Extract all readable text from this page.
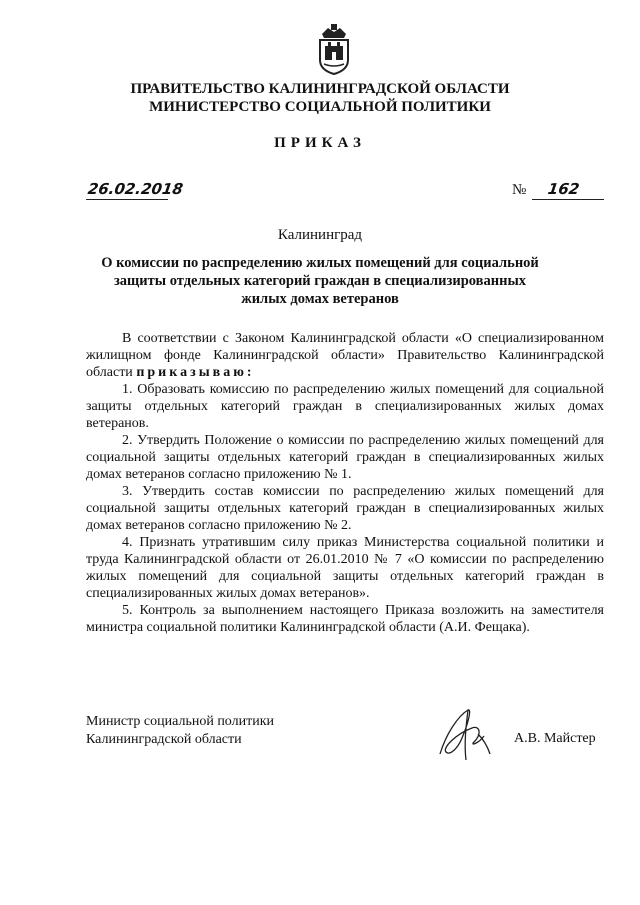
ПРАВИТЕЛЬСТВО КАЛИНИНГРАДСКОЙ ОБЛАСТИ
МИНИСТЕРСТВО СОЦИАЛЬНОЙ ПОЛИТИКИ
ПРИКАЗ
26.02.2018	№ 162
Калининград
О комиссии по распределению жилых помещений для социальной защиты отдельных категорий граждан в специализированных жилых домах ветеранов

В соответствии с Законом Калининградской области «О специализированном жилищном фонде Калининградской области» Правительство Калининградской области приказываю:

1. Образовать комиссию по распределению жилых помещений для социальной защиты отдельных категорий граждан в специализированных жилых домах ветеранов.

2. Утвердить Положение о комиссии по распределению жилых помещений для социальной защиты отдельных категорий граждан в специализированных жилых домах ветеранов согласно приложению № 1.

3. Утвердить состав комиссии по распределению жилых помещений для социальной защиты отдельных категорий граждан в специализированных жилых домах ветеранов согласно приложению № 2.

4. Признать утратившим силу приказ Министерства социальной политики и труда Калининградской области от 26.01.2010 № 7 «О комиссии по распределению жилых помещений для социальной защиты отдельных категорий граждан в специализированных жилых домах ветеранов».

5. Контроль за выполнением настоящего Приказа возложить на заместителя министра социальной политики Калининградской области (А.И. Фещака).

Министр социальной политики
Калининградской области	А.В. Майстер
